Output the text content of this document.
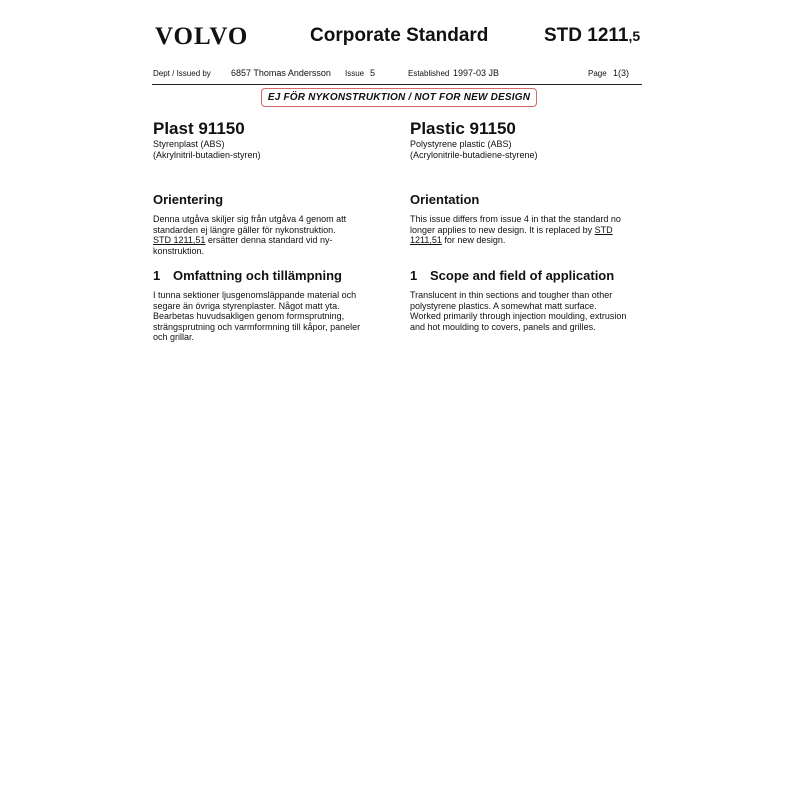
VOLVO	Corporate Standard	STD 1211,5
Dept / Issued by 6857 Thomas Andersson Issue 5	Established 1997-03 JB	Page 1(3)
EJ FÖR NYKONSTRUKTION / NOT FOR NEW DESIGN
Plast 91150
Styrenplast (ABS)
(Akrylnitril-butadien-styren)
Orientering
Denna utgåva skiljer sig från utgåva 4 genom att
standarden ej längre gäller för nykonstruktion.
STD 1211,51 ersätter denna standard vid ny-
konstruktion.
1 Omfattning och tillämpning
I tunna sektioner ljusgenomsläppande material och
segare än övriga styrenplaster. Något matt yta.
Bearbetas huvudsakligen genom formsprutning,
strängsprutning och varmformning till kåpor, paneler
och grillar.
Plastic 91150
Polystyrene plastic (ABS)
(Acrylonitrile-butadiene-styrene)
Orientation
This issue differs from issue 4 in that the standard no
longer applies to new design. It is replaced by STD
1211,51 for new design.
1 Scope and field of application
Translucent in thin sections and tougher than other
polystyrene plastics. A somewhat matt surface.
Worked primarily through injection moulding, extrusion
and hot moulding to covers, panels and grilles.
